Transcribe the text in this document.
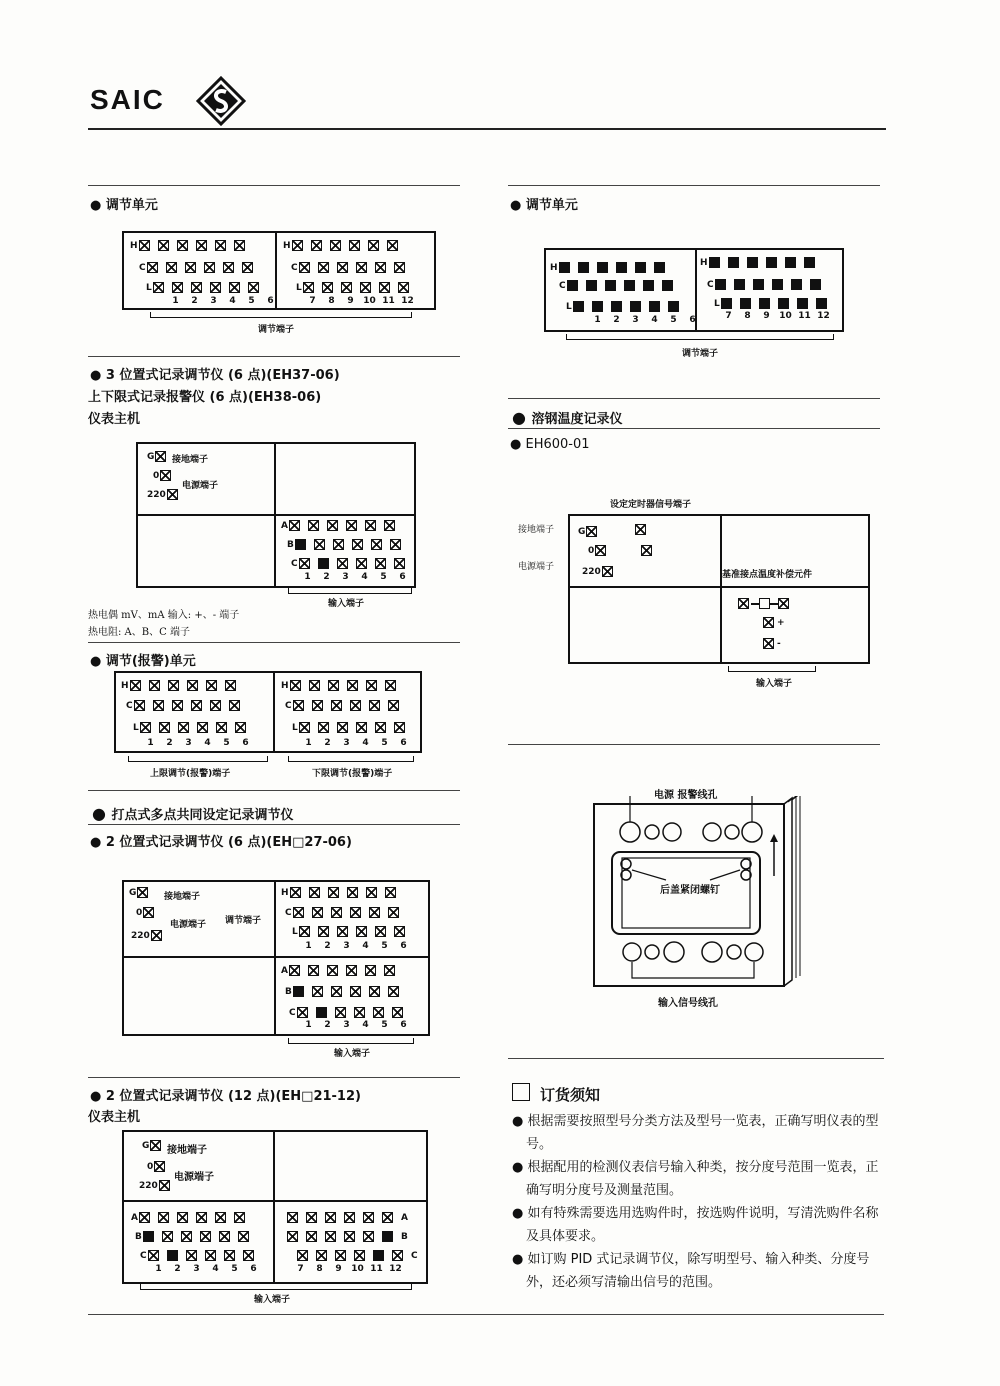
SAIC
● 调节单元
H
C
L
1	2	3	4	5	6
H
C
L
7	8	9	10 11 12
调节端子
● 3 位置式记录调节仪 (6 点)(EH37-06)
上下限式记录报警仪 (6 点)(EH38-06)
仪表主机
G
0
220
接地端子
电源端子
A
B
C
1	2	3	4	5	6
输入端子
热电偶 mV、mA 输入: +、- 端子
热电阻: A、B、C 端子
● 调节(报警)单元
H
C
L
1	2	3	4	5	6
H
C
L
1	2	3	4	5	6
上限调节(报警)端子	下限调节(报警)端子
● 打点式多点共同设定记录调节仪
● 2 位置式记录调节仪 (6 点)(EH□27-06)
G
0
220
接地端子
电源端子 调节端子
H
C
L
1	2	3	4	5	6
A
B
C
1	2	3	4	5	6
输入端子
● 2 位置式记录调节仪 (12 点)(EH□21-12)
仪表主机
G
0
220
接地端子
电源端子
A
B
C
1	2	3	4	5	6
A
B
C
7	8	9	10 11 12
输入端子
● 调节单元
H
C
L
1	2	3	4	5	6
H
C
L
7	8	9	10 11 12
调节端子
● 溶钢温度记录仪
● EH600-01
设定定时器信号端子
接地端子
电源端子
G
0
220	基准接点温度补偿元件
+
-
输入端子
电源 报警线孔
后盖紧闭螺钉
输入信号线孔
订货须知
● 根据需要按照型号分类方法及型号一览表，正确写明仪表的型号。
● 根据配用的检测仪表信号输入种类，按分度号范围一览表，正确写明分度号及测量范围。
● 如有特殊需要选用选购件时，按选购件说明，写清洗购件名称及具体要求。
● 如订购 PID 式记录调节仪，除写明型号、输入种类、分度号外，还必须写清输出信号的范围。
